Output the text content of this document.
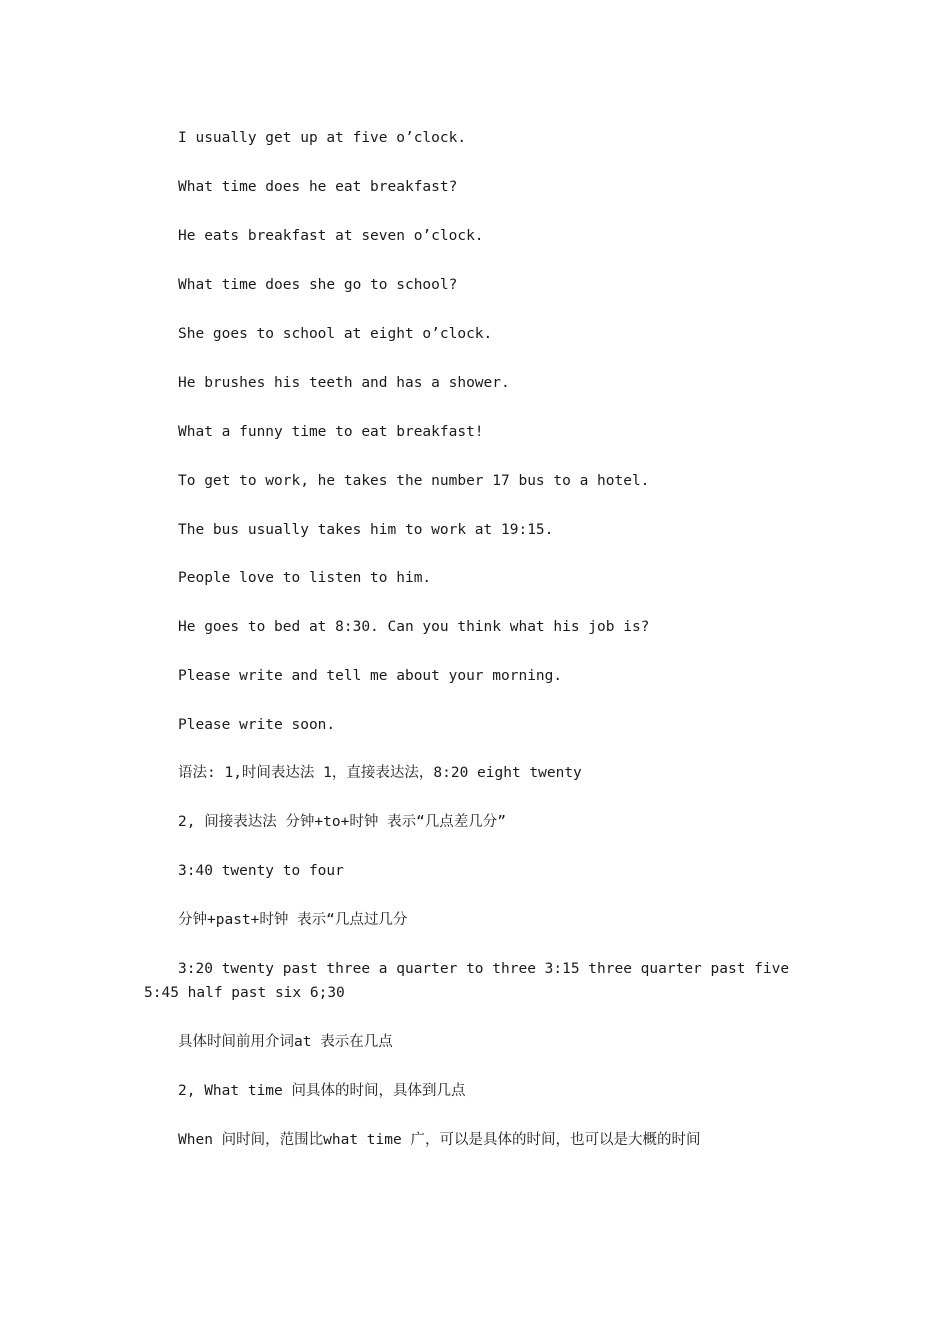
I usually get up at five o’clock.

What time does he eat breakfast?

He eats breakfast at seven o’clock.

What time does she go to school?

She goes to school at eight o’clock.

He brushes his teeth and has a shower.

What a funny time to eat breakfast!

To get to work, he takes the number 17 bus to a hotel.

The bus usually takes him to work at 19:15.

People love to listen to him.

He goes to bed at 8:30. Can you think what his job is?

Please write and tell me about your morning.

Please write soon.

语法: 1,时间表达法 1，直接表达法，8:20 eight twenty

2, 间接表达法 分钟+to+时钟 表示“几点差几分”

3:40 twenty to four

分钟+past+时钟 表示“几点过几分

3:20 twenty past three a quarter to three 3:15 three quarter past five 5:45 half past six 6;30

具体时间前用介词at 表示在几点

2, What time 问具体的时间，具体到几点

When 问时间，范围比what time 广，可以是具体的时间，也可以是大概的时间
